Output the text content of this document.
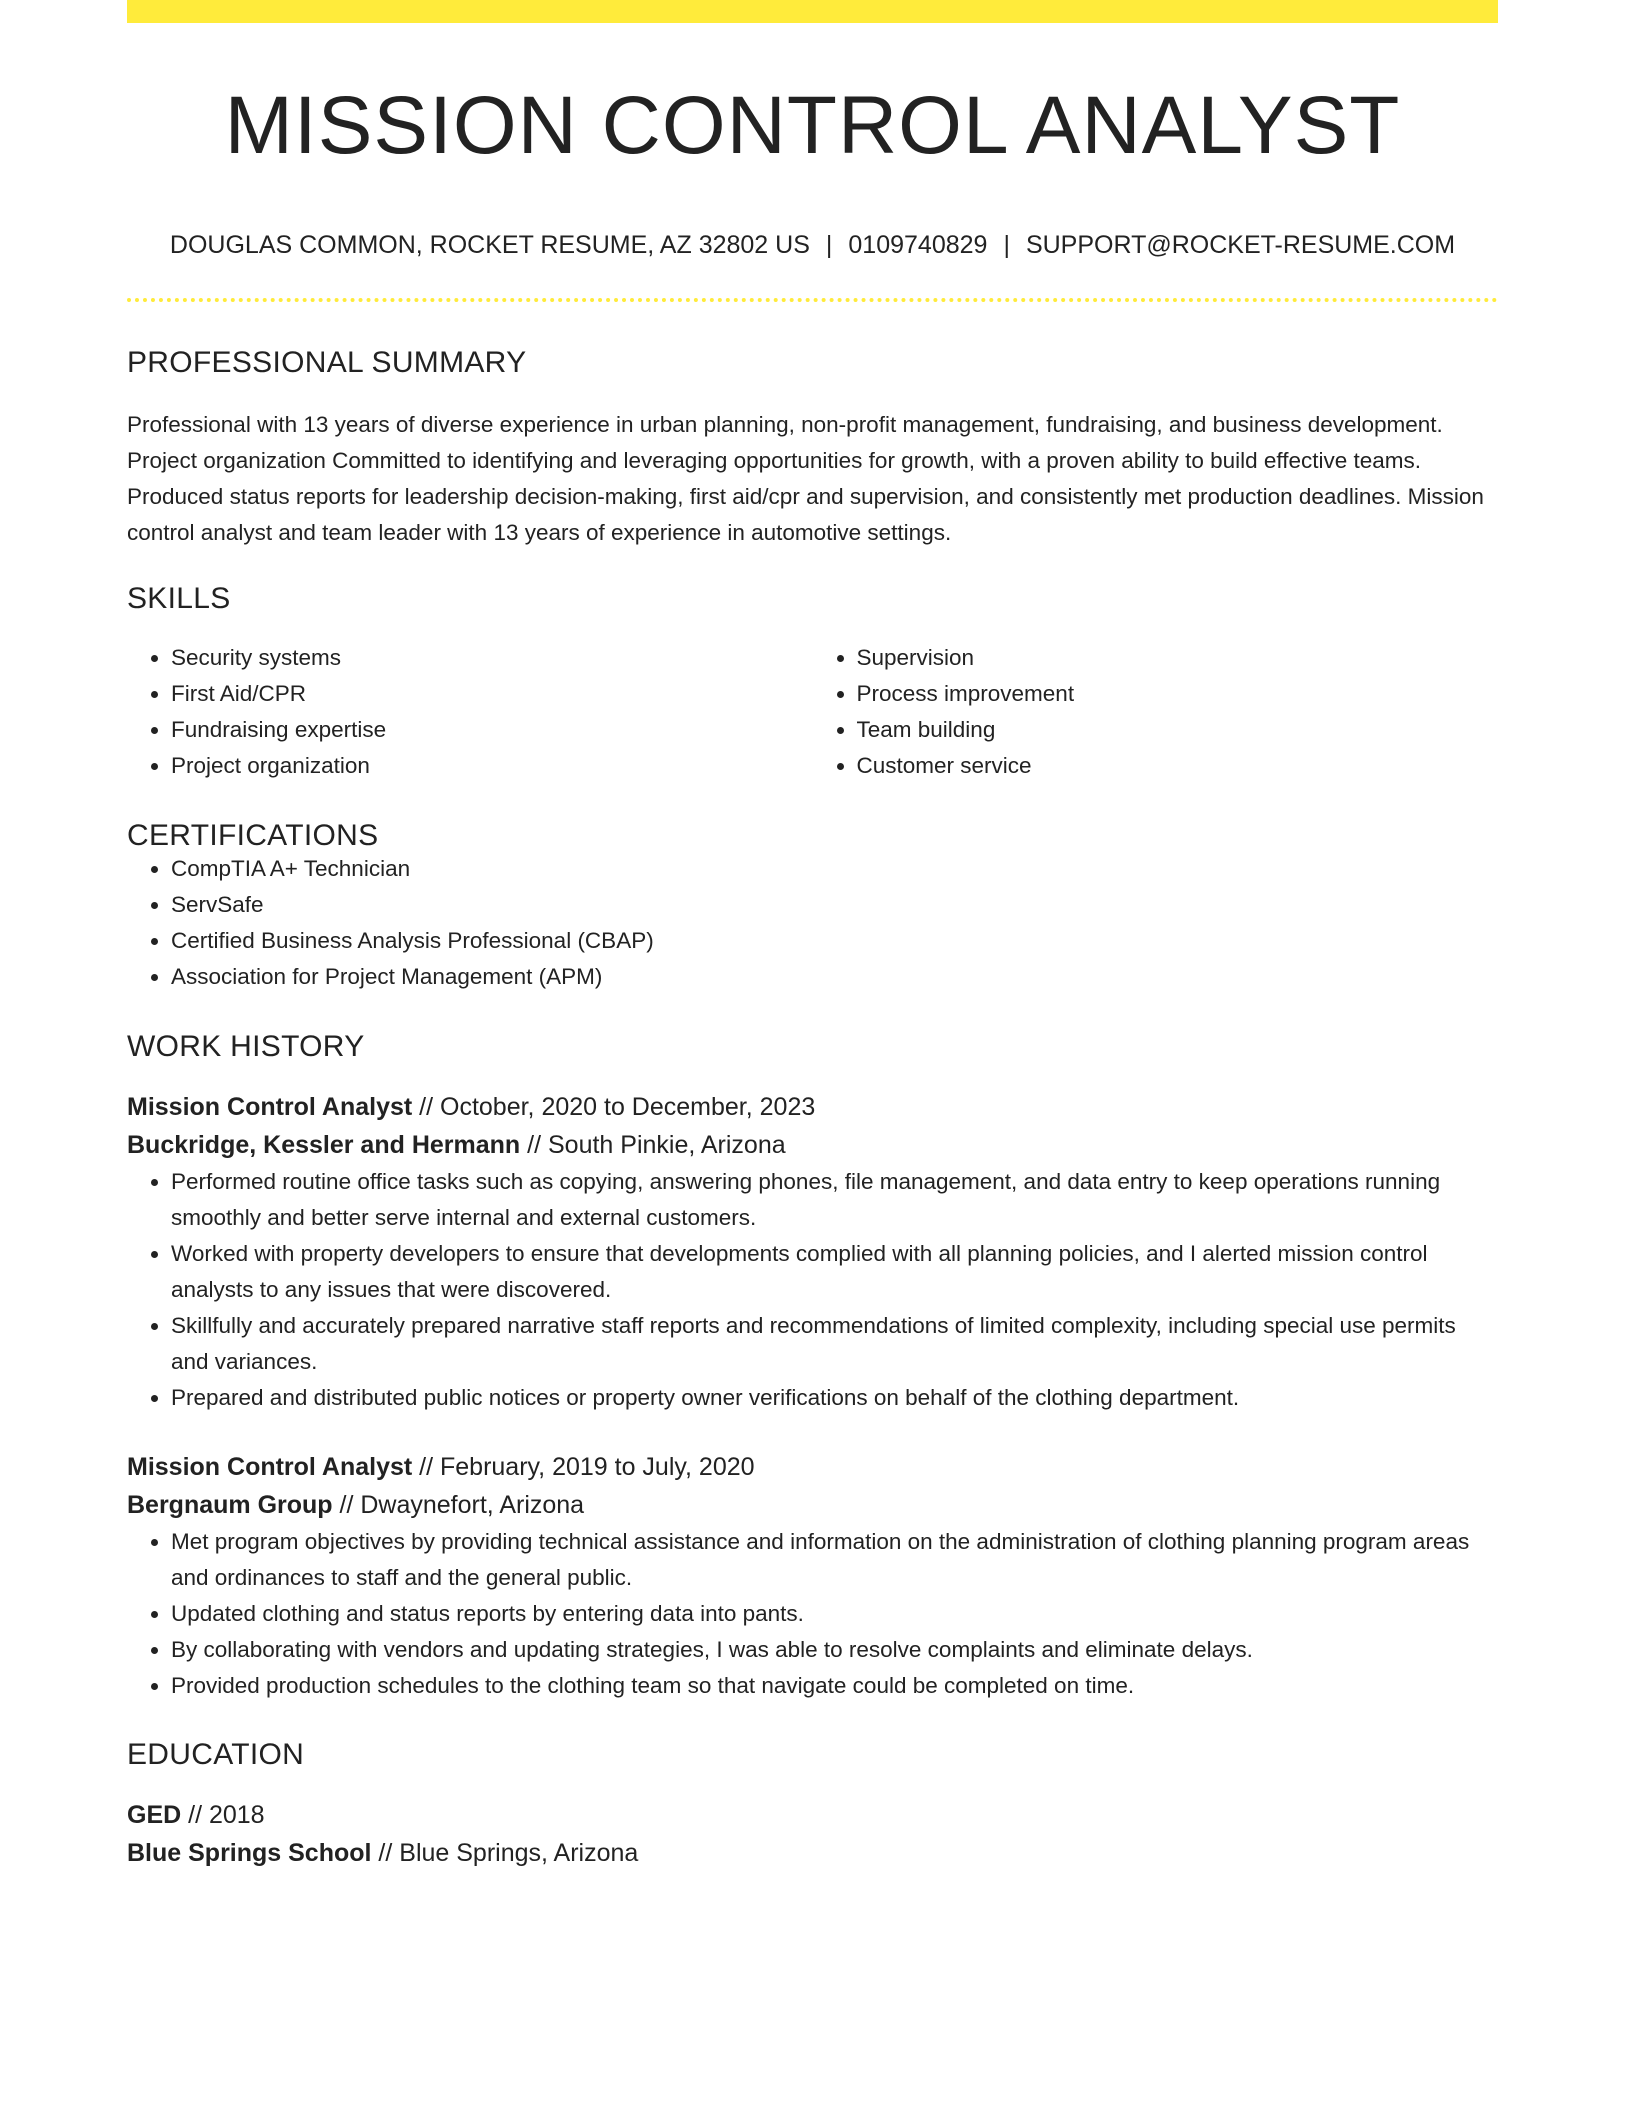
MISSION CONTROL ANALYST
DOUGLAS COMMON, ROCKET RESUME, AZ 32802 US | 0109740829 | SUPPORT@ROCKET-RESUME.COM
PROFESSIONAL SUMMARY

Professional with 13 years of diverse experience in urban planning, non-profit management, fundraising, and business development. Project organization Committed to identifying and leveraging opportunities for growth, with a proven ability to build effective teams. Produced status reports for leadership decision-making, first aid/cpr and supervision, and consistently met production deadlines. Mission control analyst and team leader with 13 years of experience in automotive settings.

SKILLS
• Security systems
• First Aid/CPR
• Fundraising expertise
• Project organization
• Supervision
• Process improvement
• Team building
• Customer service
CERTIFICATIONS
• CompTIA A+ Technician
• ServSafe
• Certified Business Analysis Professional (CBAP)
• Association for Project Management (APM)
WORK HISTORY
Mission Control Analyst // October, 2020 to December, 2023
Buckridge, Kessler and Hermann // South Pinkie, Arizona
• Performed routine office tasks such as copying, answering phones, file management, and data entry to keep operations running smoothly and better serve internal and external customers.
• Worked with property developers to ensure that developments complied with all planning policies, and I alerted mission control analysts to any issues that were discovered.
• Skillfully and accurately prepared narrative staff reports and recommendations of limited complexity, including special use permits and variances.
• Prepared and distributed public notices or property owner verifications on behalf of the clothing department.
Mission Control Analyst // February, 2019 to July, 2020
Bergnaum Group // Dwaynefort, Arizona
• Met program objectives by providing technical assistance and information on the administration of clothing planning program areas and ordinances to staff and the general public.
• Updated clothing and status reports by entering data into pants.
• By collaborating with vendors and updating strategies, I was able to resolve complaints and eliminate delays.
• Provided production schedules to the clothing team so that navigate could be completed on time.
EDUCATION
GED // 2018
Blue Springs School // Blue Springs, Arizona
